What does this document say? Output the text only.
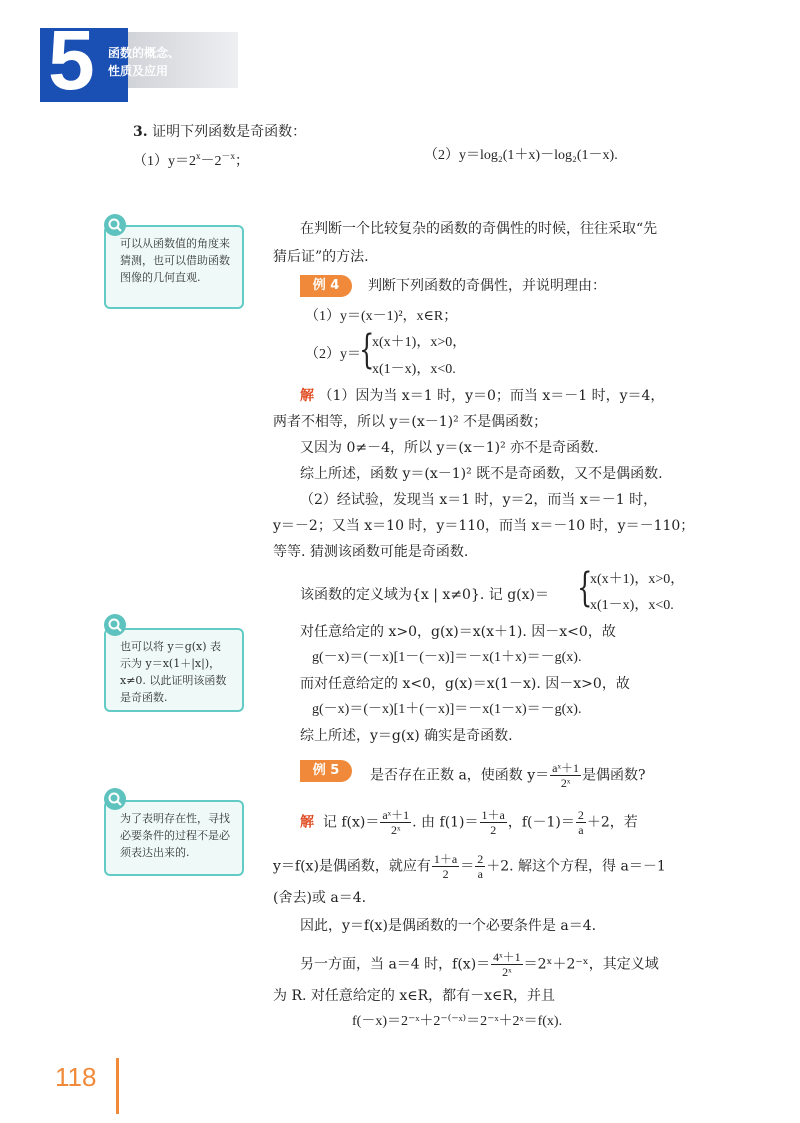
5 函数的概念、
性质及应用
3. 证明下列函数是奇函数：
$(1)y=2^x-2^{-x}$；	（2）y＝log₂(1＋x)－log₂(1－x).
可以从函数值的角度来猜测，也可以借助函数图像的几何直观.
在判断一个比较复杂的函数的奇偶性的时候，往往采取“先
猜后证”的方法.
例 4	判断下列函数的奇偶性，并说明理由：
（1）y＝(x－1)²，x∈R；
（2）y＝
{
x(x＋1)，x>0，
x(1－x)，x<0.
解 （1）因为当 x＝1 时，y＝0；而当 x＝－1 时，y＝4，
两者不相等，所以 y＝(x－1)² 不是偶函数；
又因为 0≠－4，所以 y＝(x－1)² 亦不是奇函数.
综上所述，函数 y＝(x－1)² 既不是奇函数，又不是偶函数.
（2）经试验，发现当 x＝1 时，y＝2，而当 x＝－1 时，
y＝－2；又当 x＝10 时，y＝110，而当 x＝－10 时，y＝－110；
等等. 猜测该函数可能是奇函数.
该函数的定义域为{x | x≠0}. 记 g(x)＝ {
x(x＋1)，x>0，
x(1－x)，x<0.
对任意给定的 x>0，g(x)＝x(x＋1). 因－x<0，故
g(－x)＝(－x)[1－(－x)]＝－x(1＋x)＝－g(x).
而对任意给定的 x<0，g(x)＝x(1－x). 因－x>0，故
g(－x)＝(－x)[1＋(－x)]＝－x(1－x)＝－g(x).
综上所述，y＝g(x) 确实是奇函数.
也可以将 y＝g(x) 表示为 y＝x(1＋|x|)，x≠0. 以此证明该函数是奇函数.
例 5	是否存在正数 a，使函数 $y= \frac{\text{aˣ＋1}}{\text{2ˣ}}$ 是偶函数?
为了表明存在性，寻找必要条件的过程不是必须表达出来的.
解 记 $f(x)= \frac{\text{aˣ＋1}}{\text{2ˣ}}$ . 由 $f(1)= \frac{1+a}{2}$ ，$f(-1)= \frac{2}{a} +2$，若
y＝f(x)是偶函数，就应有 $\frac{1+a}{2} = \frac{2}{a} +2$. 解这个方程，得 a＝－1
(舍去)或 a＝4.
因此，y＝f(x)是偶函数的一个必要条件是 a＝4.
另一方面，当 a＝4 时，$f(x)= \frac{\text{4ˣ＋1}}{\text{2ˣ}}$ ＝2ˣ＋2⁻ˣ，其定义域
为 R. 对任意给定的 x∈R，都有－x∈R，并且
f(－x)＝2⁻ˣ＋2⁻⁽⁻ˣ⁾＝2⁻ˣ＋2ˣ＝f(x).
118
